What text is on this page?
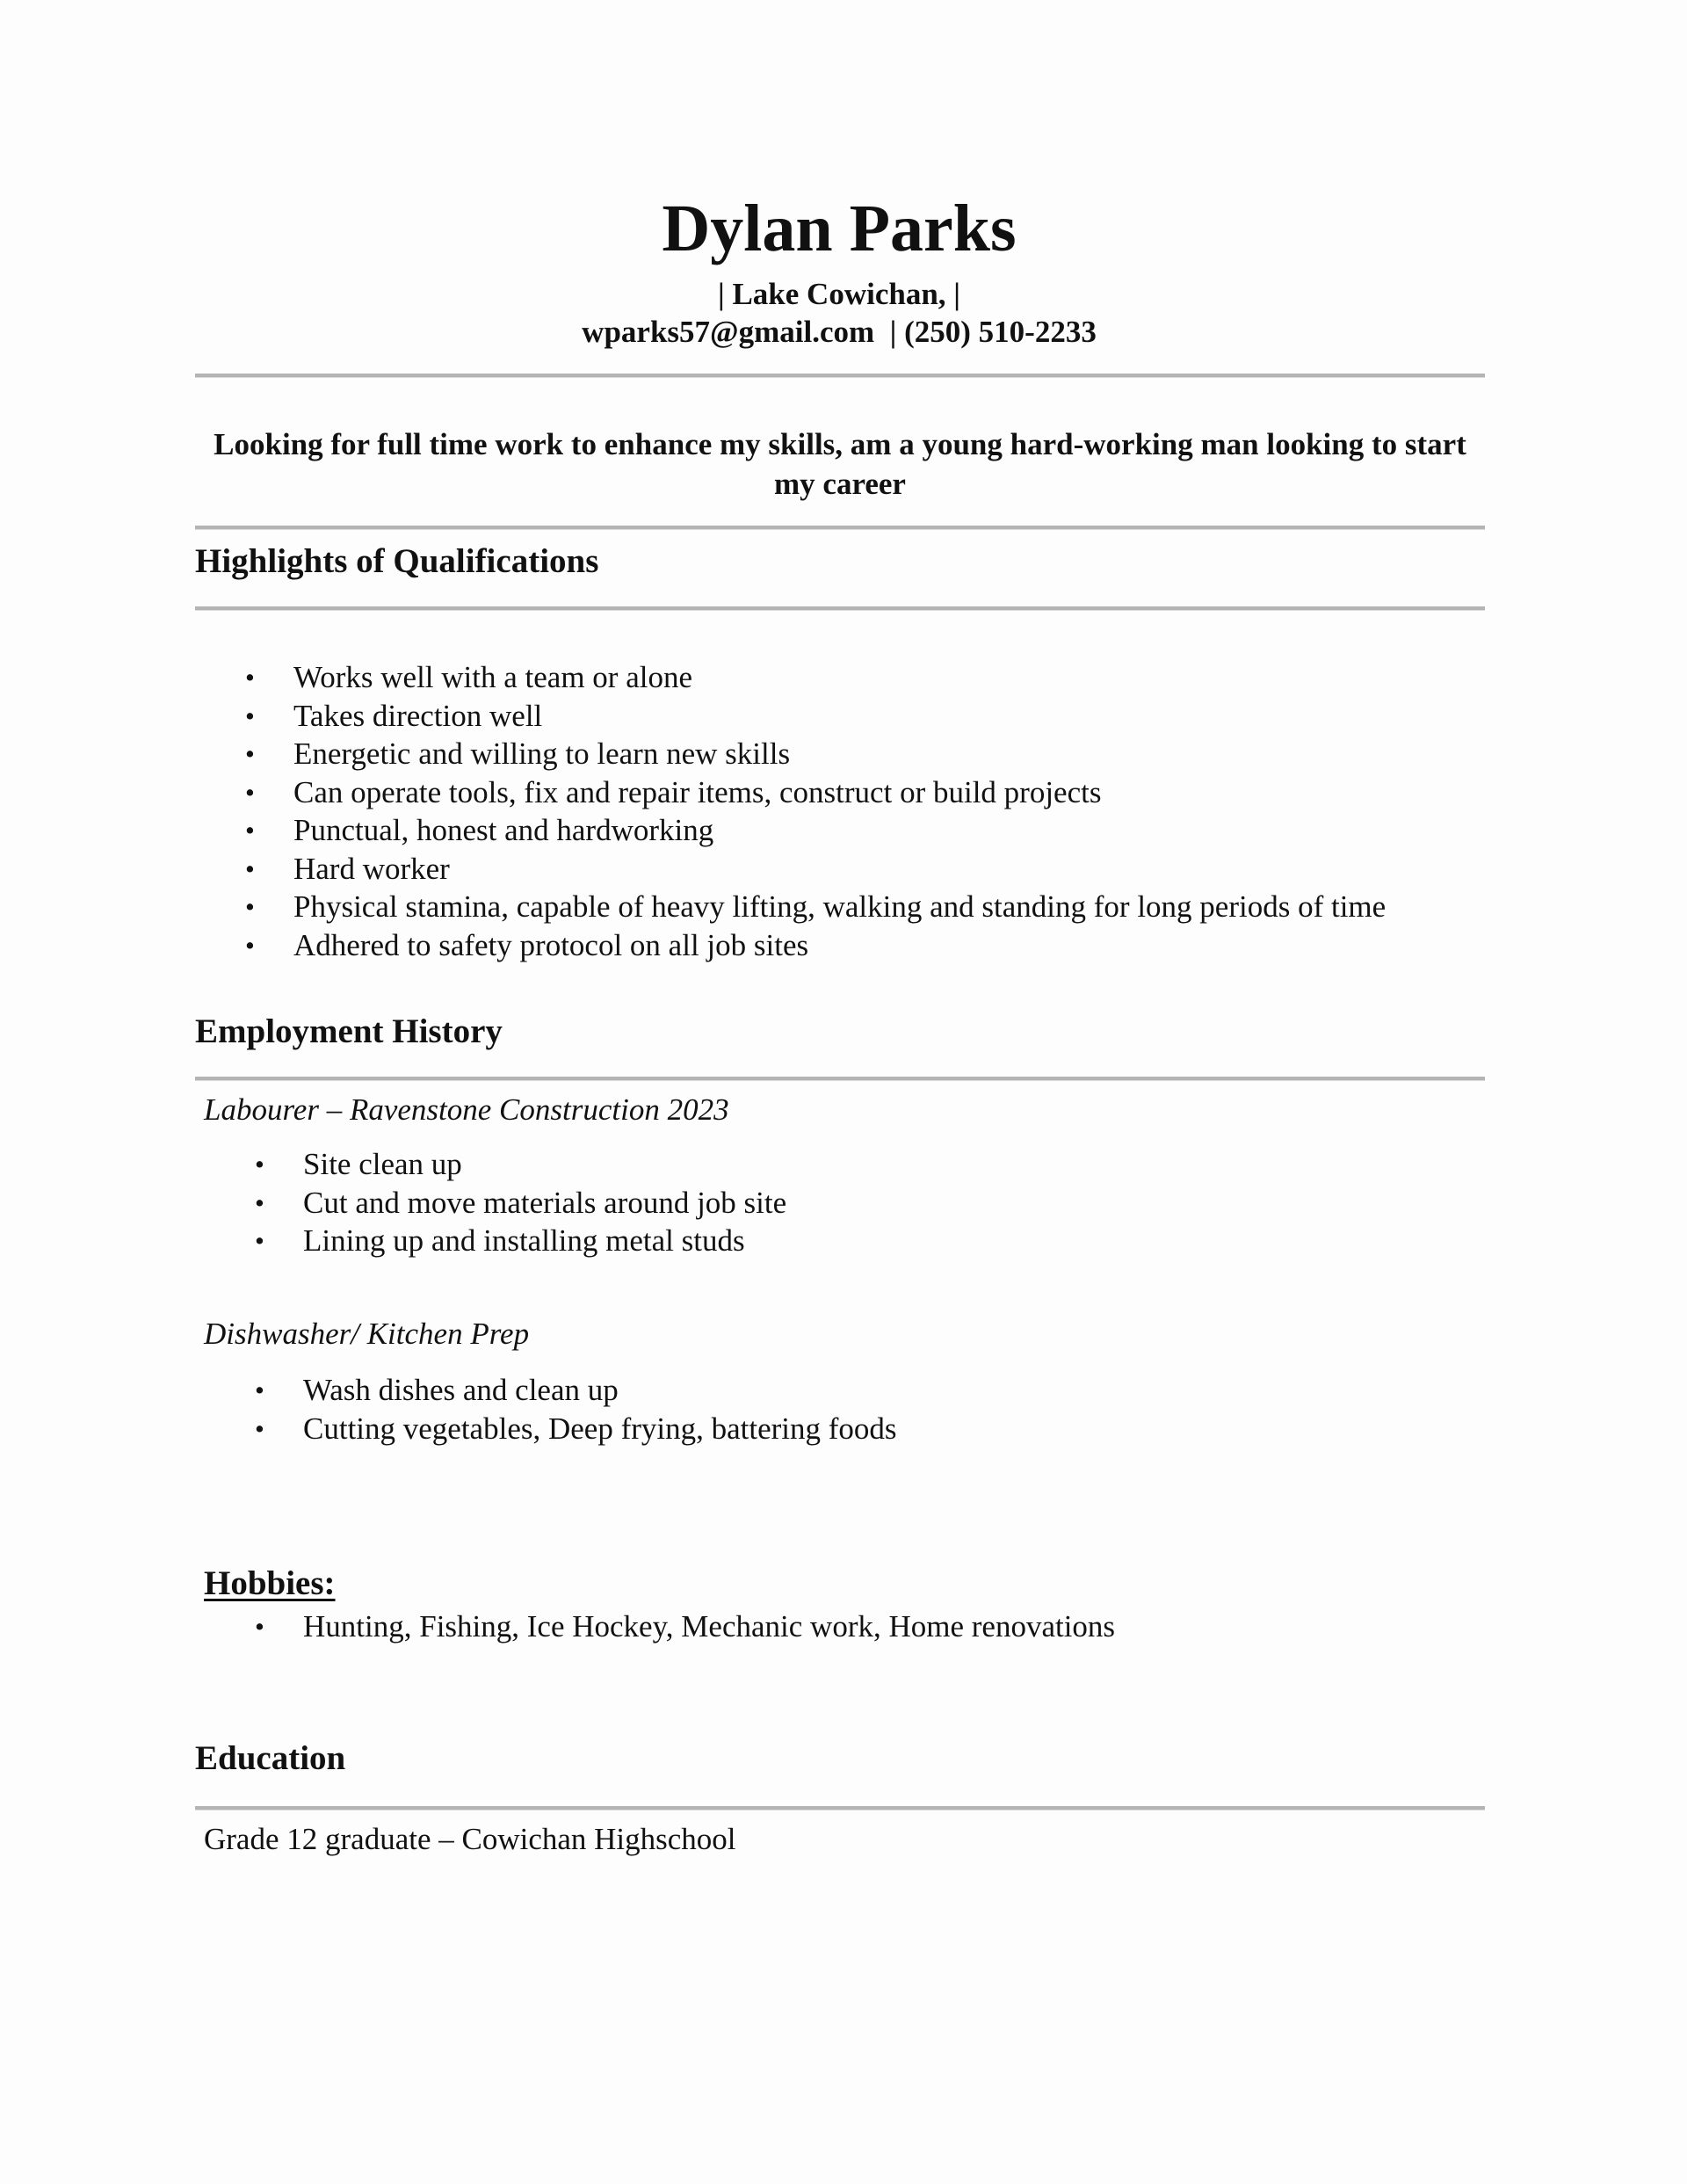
Dylan Parks
| Lake Cowichan, |
wparks57@gmail.com | (250) 510-2233
Looking for full time work to enhance my skills, am a young hard-working man looking to start my career
Highlights of Qualifications
• Works well with a team or alone
• Takes direction well
• Energetic and willing to learn new skills
• Can operate tools, fix and repair items, construct or build projects
• Punctual, honest and hardworking
• Hard worker
• Physical stamina, capable of heavy lifting, walking and standing for long periods of time
• Adhered to safety protocol on all job sites
Employment History
Labourer – Ravenstone Construction 2023
• Site clean up
• Cut and move materials around job site
• Lining up and installing metal studs
Dishwasher/ Kitchen Prep
• Wash dishes and clean up
• Cutting vegetables, Deep frying, battering foods
Hobbies:
• Hunting, Fishing, Ice Hockey, Mechanic work, Home renovations
Education
Grade 12 graduate – Cowichan Highschool
